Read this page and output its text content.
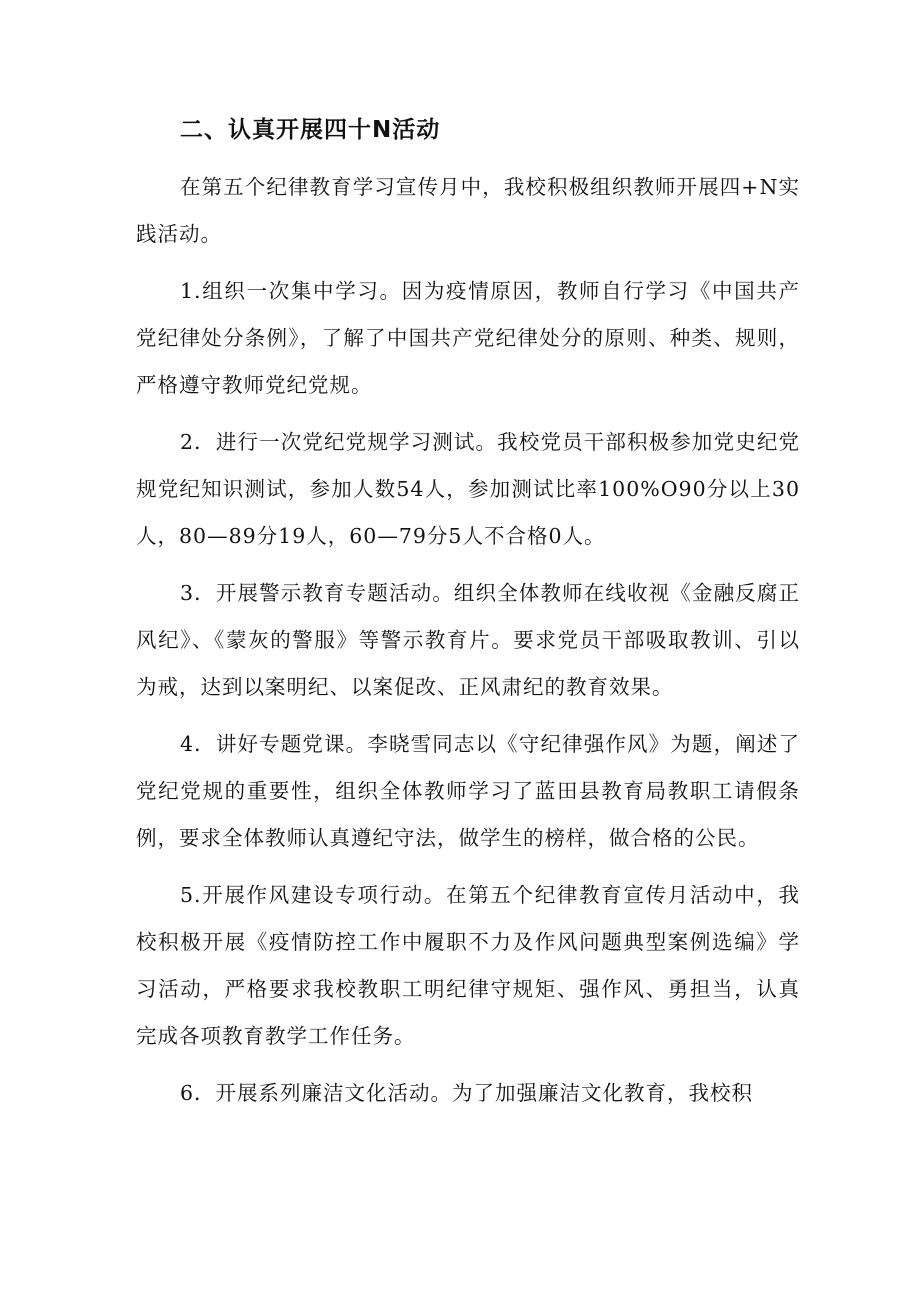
二、认真开展四十N活动

在第五个纪律教育学习宣传月中，我校积极组织教师开展四+N实践活动。

1.组织一次集中学习。因为疫情原因，教师自行学习《中国共产党纪律处分条例》，了解了中国共产党纪律处分的原则、种类、规则，严格遵守教师党纪党规。

2．进行一次党纪党规学习测试。我校党员干部积极参加党史纪党规党纪知识测试，参加人数54人，参加测试比率100%O90分以上30人，80—89分19人，60—79分5人不合格0人。

3．开展警示教育专题活动。组织全体教师在线收视《金融反腐正风纪》、《蒙灰的警服》等警示教育片。要求党员干部吸取教训、引以为戒，达到以案明纪、以案促改、正风肃纪的教育效果。

4．讲好专题党课。李晓雪同志以《守纪律强作风》为题，阐述了党纪党规的重要性，组织全体教师学习了蓝田县教育局教职工请假条例，要求全体教师认真遵纪守法，做学生的榜样，做合格的公民。

5.开展作风建设专项行动。在第五个纪律教育宣传月活动中，我校积极开展《疫情防控工作中履职不力及作风问题典型案例选编》学习活动，严格要求我校教职工明纪律守规矩、强作风、勇担当，认真完成各项教育教学工作任务。

6．开展系列廉洁文化活动。为了加强廉洁文化教育，我校积
